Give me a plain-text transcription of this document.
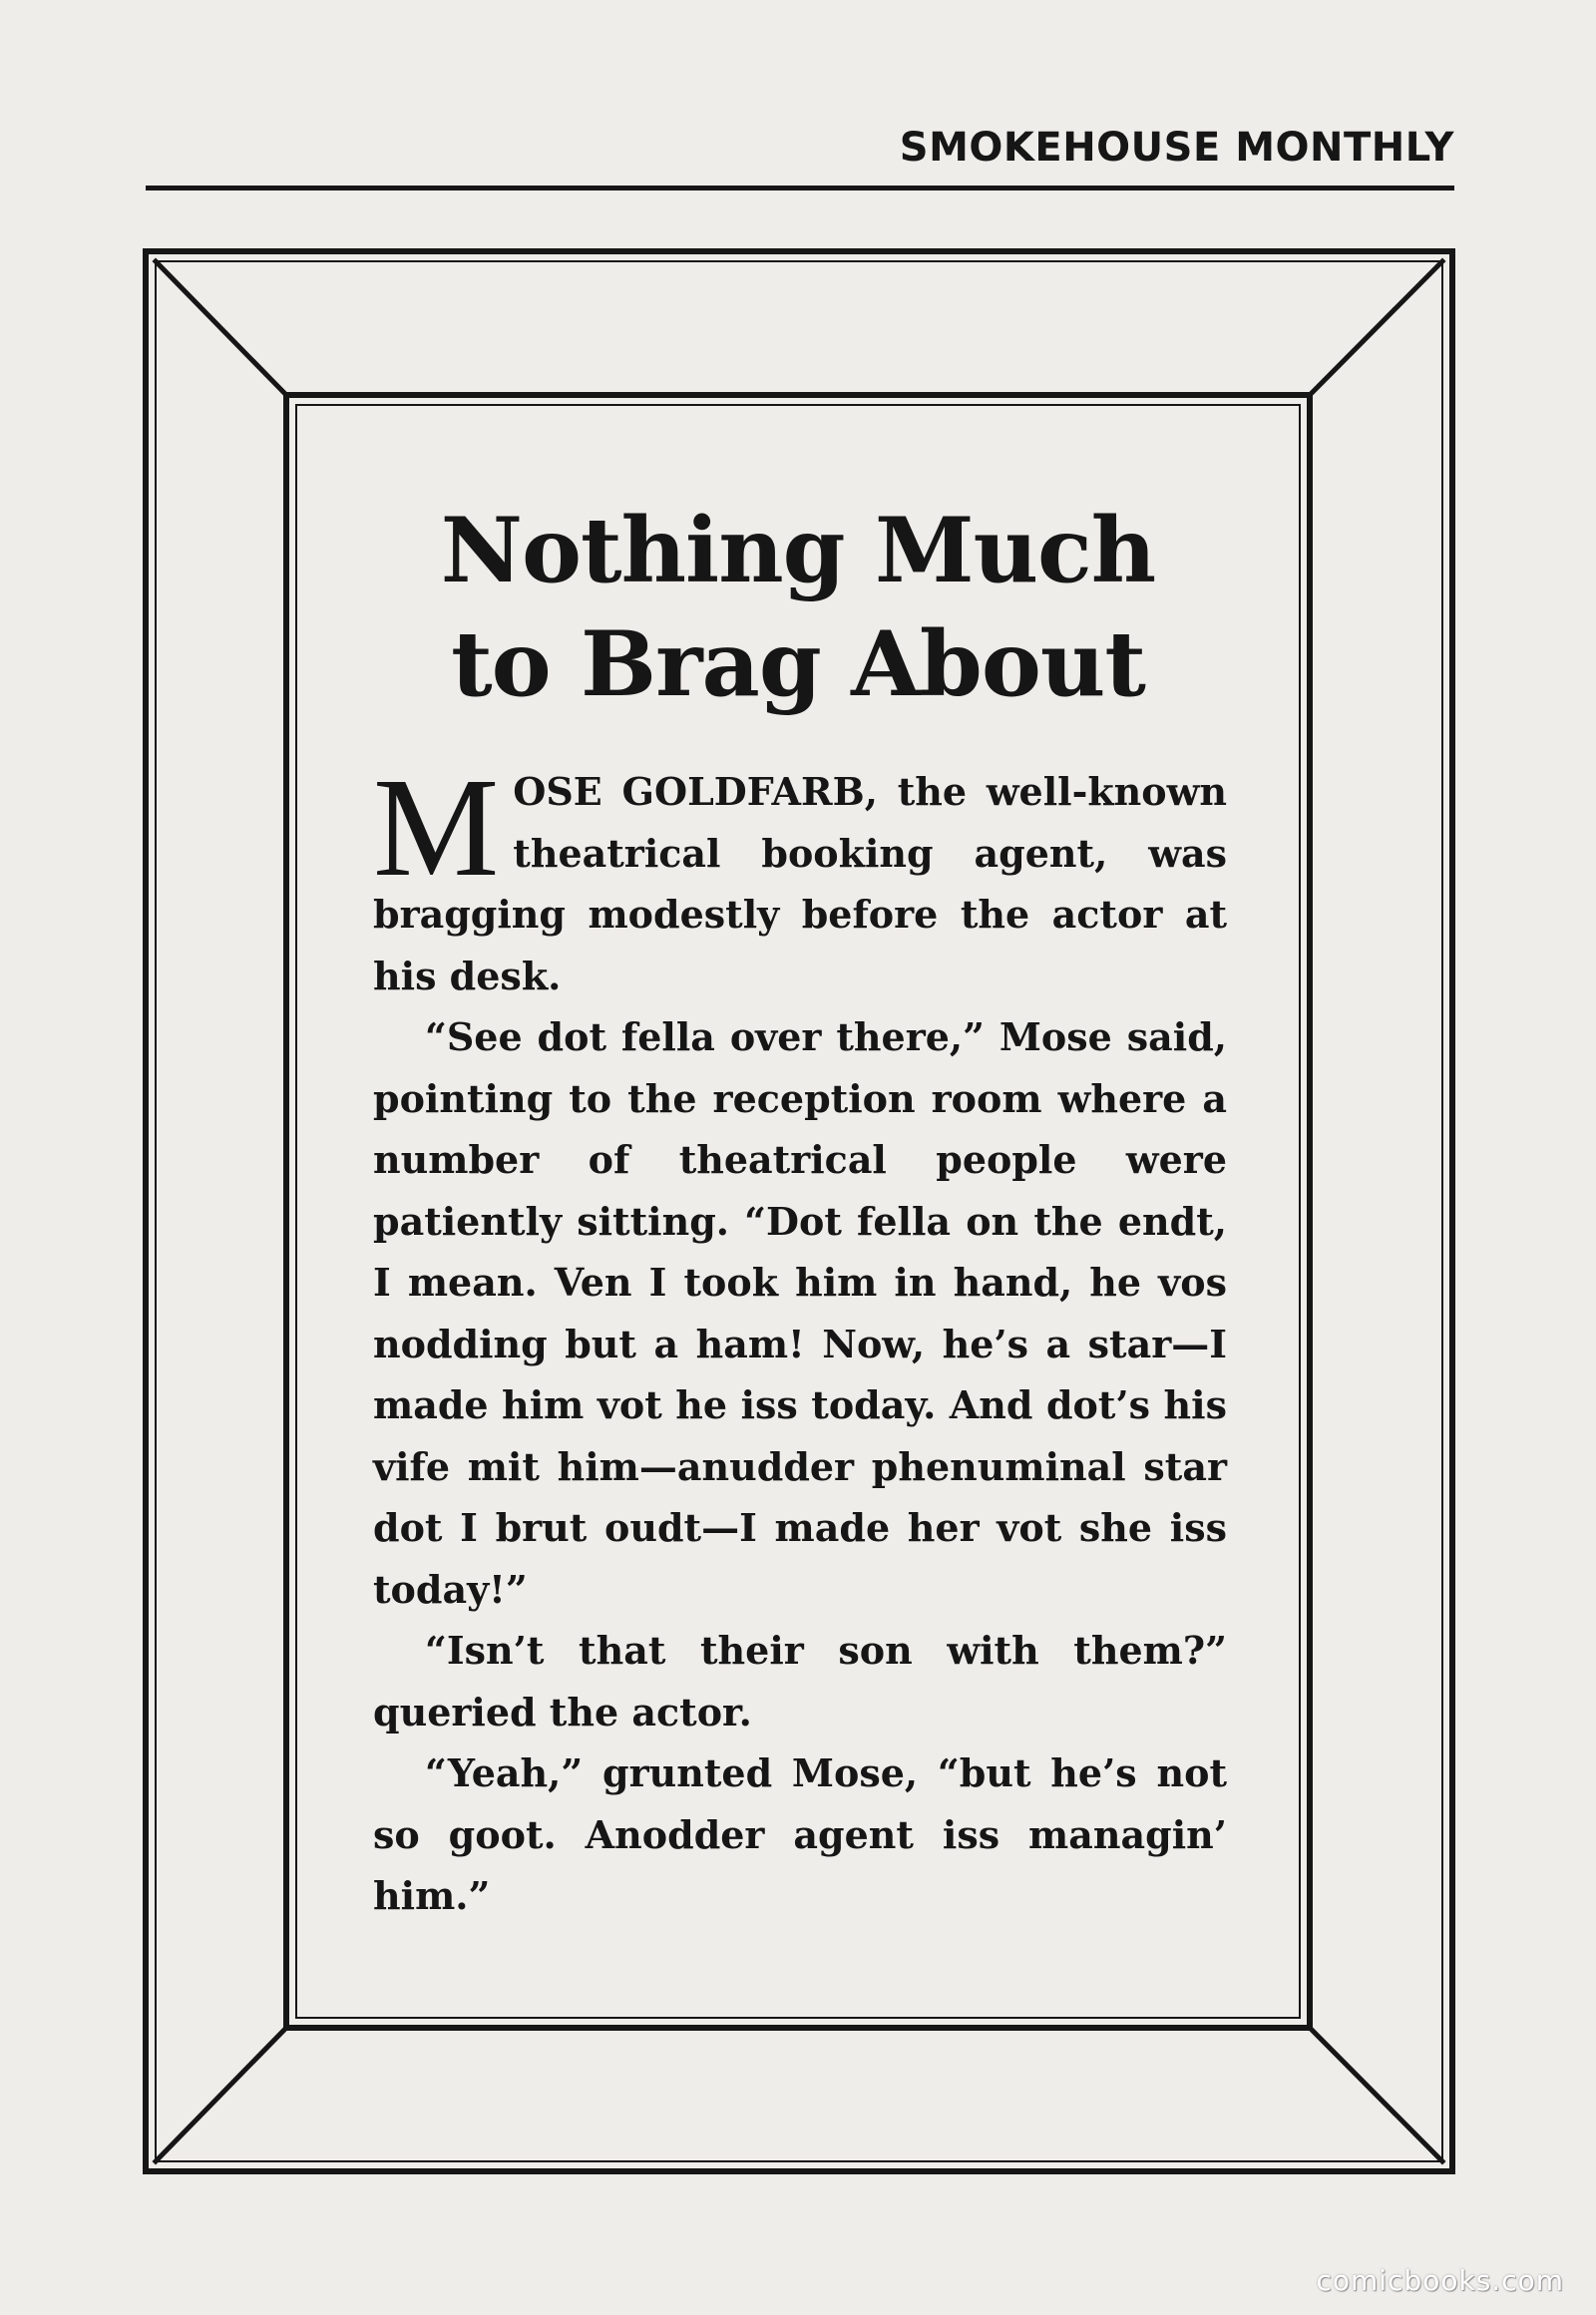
SMOKEHOUSE MONTHLY
Nothing Much
to Brag About

MOSE GOLDFARB, the well-known theatrical booking agent, was bragging modestly before the actor at his desk.

“See dot fella over there,” Mose said, pointing to the reception room where a number of theatrical people were patiently sitting. “Dot fella on the endt, I mean. Ven I took him in hand, he vos nodding but a ham! Now, he’s a star—I made him vot he iss today. And dot’s his vife mit him—anudder phenuminal star dot I brut oudt—I made her vot she iss today!”

“Isn’t that their son with them?” queried the actor.

“Yeah,” grunted Mose, “but he’s not so goot. Anodder agent iss managin’ him.”

comicbooks.com
